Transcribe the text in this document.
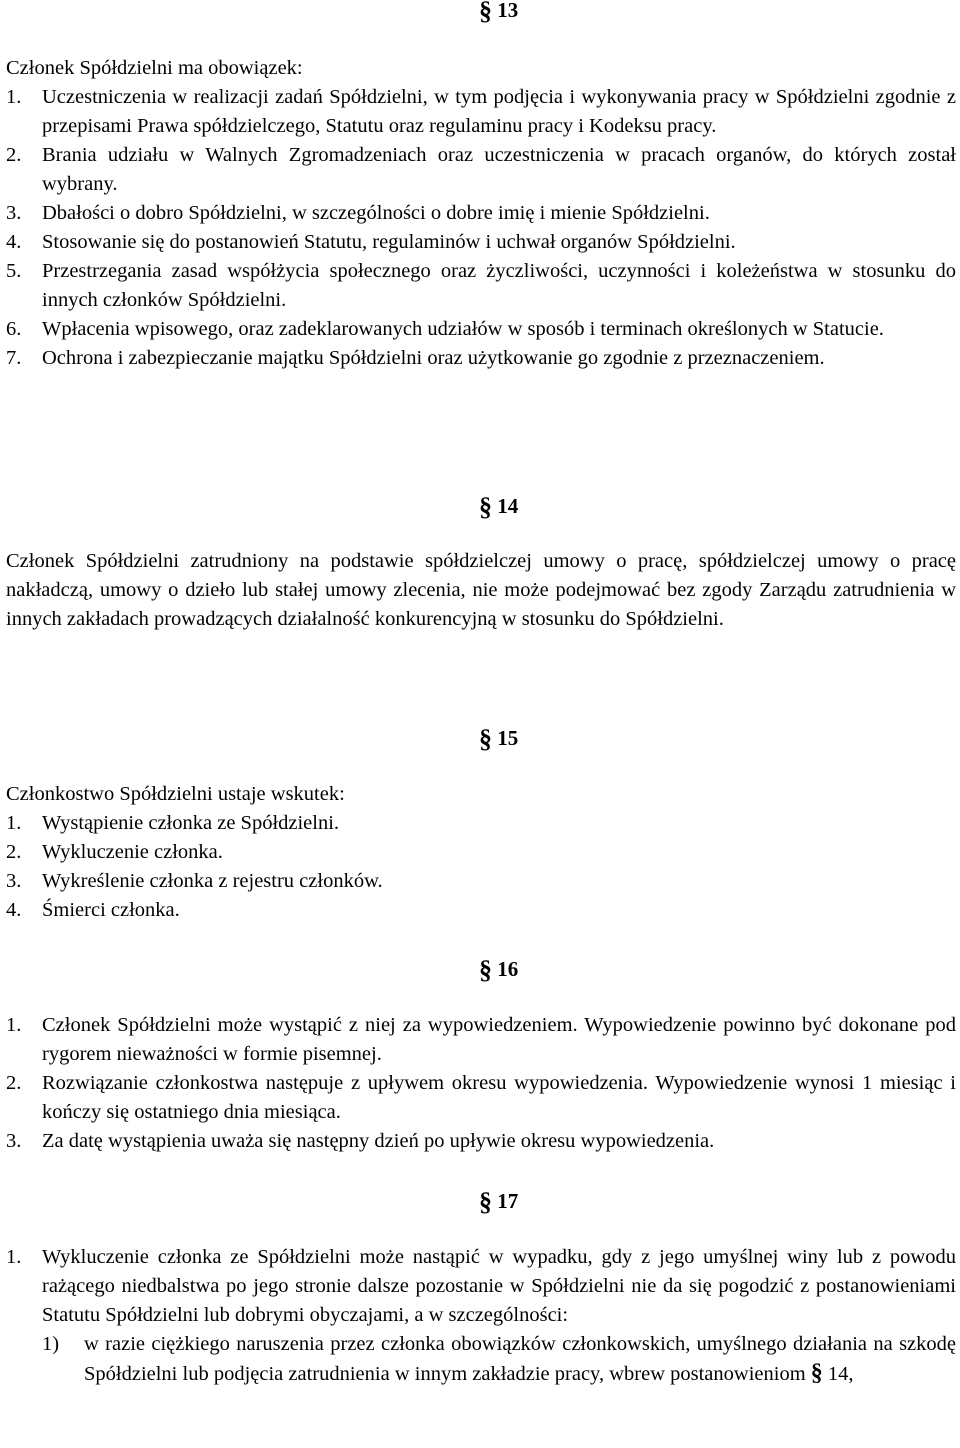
§ 13
Członek Spółdzielni ma obowiązek:
1.	Uczestniczenia w realizacji zadań Spółdzielni, w tym podjęcia i wykonywania pracy w Spółdzielni zgodnie z przepisami Prawa spółdzielczego, Statutu oraz regulaminu pracy i Kodeksu pracy.
2.	Brania udziału w Walnych Zgromadzeniach oraz uczestniczenia w pracach organów, do których został wybrany.
3.	Dbałości o dobro Spółdzielni, w szczególności o dobre imię i mienie Spółdzielni.
4.	Stosowanie się do postanowień Statutu, regulaminów i uchwał organów Spółdzielni.
5.	Przestrzegania zasad współżycia społecznego oraz życzliwości, uczynności i koleżeństwa w stosunku do innych członków Spółdzielni.
6.	Wpłacenia wpisowego, oraz zadeklarowanych udziałów w sposób i terminach określonych w Statucie.
7.	Ochrona i zabezpieczanie majątku Spółdzielni oraz użytkowanie go zgodnie z przeznaczeniem.
§ 14
Członek Spółdzielni zatrudniony na podstawie spółdzielczej umowy o pracę, spółdzielczej umowy o pracę nakładczą, umowy o dzieło lub stałej umowy zlecenia, nie może podejmować bez zgody Zarządu zatrudnienia w innych zakładach prowadzących działalność konkurencyjną w stosunku do Spółdzielni.
§ 15
Członkostwo Spółdzielni ustaje wskutek:
1.	Wystąpienie członka ze Spółdzielni.
2.	Wykluczenie członka.
3.	Wykreślenie członka z rejestru członków.
4.	Śmierci członka.
§ 16
1.	Członek Spółdzielni może wystąpić z niej za wypowiedzeniem. Wypowiedzenie powinno być dokonane pod rygorem nieważności w formie pisemnej.
2.	Rozwiązanie członkostwa następuje z upływem okresu wypowiedzenia. Wypowiedzenie wynosi 1 miesiąc i kończy się ostatniego dnia miesiąca.
3.	Za datę wystąpienia uważa się następny dzień po upływie okresu wypowiedzenia.
§ 17
1.	Wykluczenie członka ze Spółdzielni może nastąpić w wypadku, gdy z jego umyślnej winy lub z powodu rażącego niedbalstwa po jego stronie dalsze pozostanie w Spółdzielni nie da się pogodzić z postanowieniami Statutu Spółdzielni lub dobrymi obyczajami, a w szczególności:
1)	w razie ciężkiego naruszenia przez członka obowiązków członkowskich, umyślnego działania na szkodę Spółdzielni lub podjęcia zatrudnienia w innym zakładzie pracy, wbrew postanowieniom § 14,
